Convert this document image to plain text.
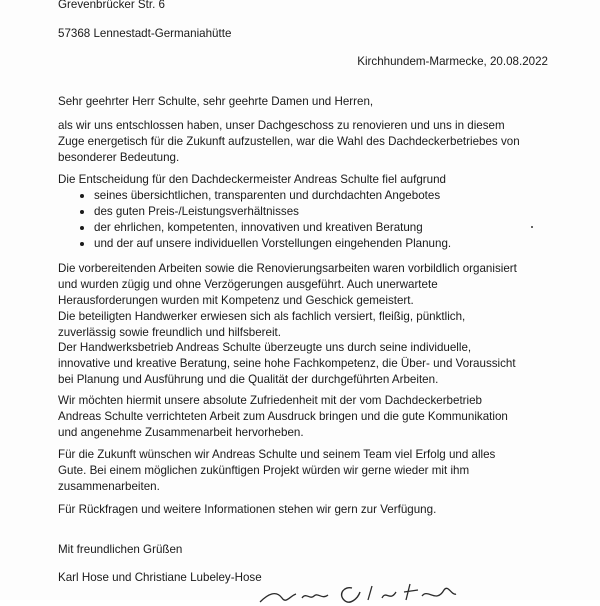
Grevenbrücker Str. 6
57368 Lennestadt-Germaniahütte
Kirchhundem-Marmecke, 20.08.2022
Sehr geehrter Herr Schulte, sehr geehrte Damen und Herren,
als wir uns entschlossen haben, unser Dachgeschoss zu renovieren und uns in diesem
Zuge energetisch für die Zukunft aufzustellen, war die Wahl des Dachdeckerbetriebes von
besonderer Bedeutung.
Die Entscheidung für den Dachdeckermeister Andreas Schulte fiel aufgrund
seines übersichtlichen, transparenten und durchdachten Angebotes
des guten Preis-/Leistungsverhältnisses
der ehrlichen, kompetenten, innovativen und kreativen Beratung
und der auf unsere individuellen Vorstellungen eingehenden Planung.
Die vorbereitenden Arbeiten sowie die Renovierungsarbeiten waren vorbildlich organisiert
und wurden zügig und ohne Verzögerungen ausgeführt. Auch unerwartete
Herausforderungen wurden mit Kompetenz und Geschick gemeistert.
Die beteiligten Handwerker erwiesen sich als fachlich versiert, fleißig, pünktlich,
zuverlässig sowie freundlich und hilfsbereit.
Der Handwerksbetrieb Andreas Schulte überzeugte uns durch seine individuelle,
innovative und kreative Beratung, seine hohe Fachkompetenz, die Über- und Voraussicht
bei Planung und Ausführung und die Qualität der durchgeführten Arbeiten.
Wir möchten hiermit unsere absolute Zufriedenheit mit der vom Dachdeckerbetrieb
Andreas Schulte verrichteten Arbeit zum Ausdruck bringen und die gute Kommunikation
und angenehme Zusammenarbeit hervorheben.
Für die Zukunft wünschen wir Andreas Schulte und seinem Team viel Erfolg und alles
Gute. Bei einem möglichen zukünftigen Projekt würden wir gerne wieder mit ihm
zusammenarbeiten.
Für Rückfragen und weitere Informationen stehen wir gern zur Verfügung.
Mit freundlichen Grüßen
Karl Hose und Christiane Lubeley-Hose
